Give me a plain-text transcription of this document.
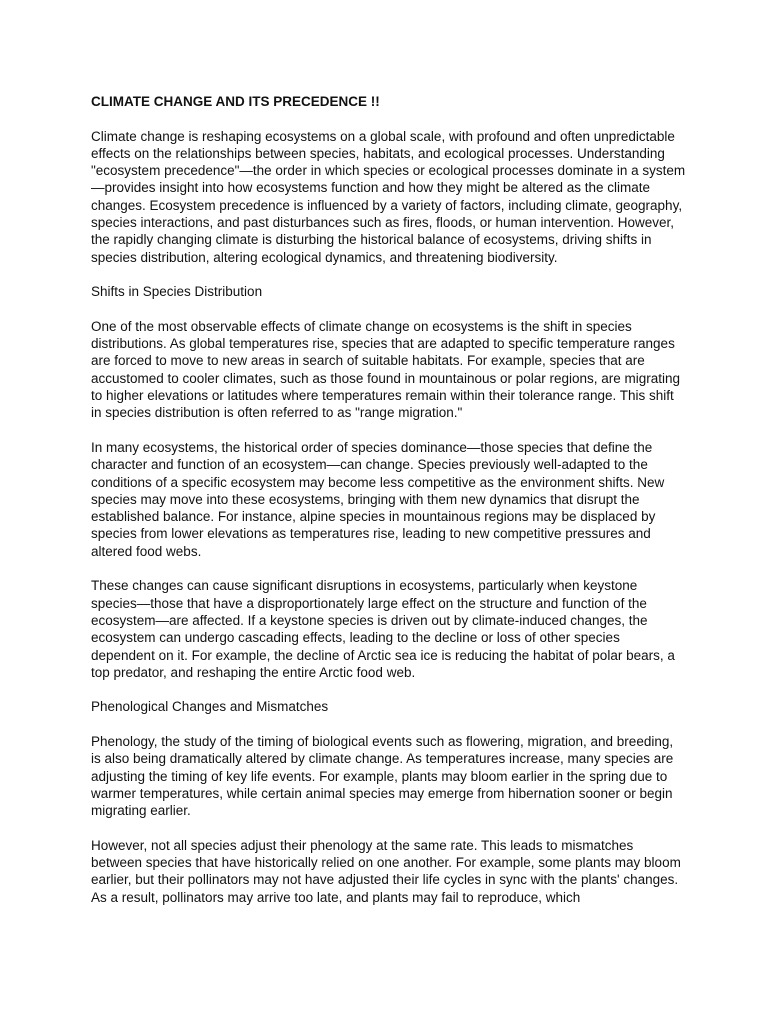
CLIMATE CHANGE AND ITS PRECEDENCE !!
Climate change is reshaping ecosystems on a global scale, with profound and often unpredictable effects on the relationships between species, habitats, and ecological processes. Understanding "ecosystem precedence"—the order in which species or ecological processes dominate in a system—provides insight into how ecosystems function and how they might be altered as the climate changes. Ecosystem precedence is influenced by a variety of factors, including climate, geography, species interactions, and past disturbances such as fires, floods, or human intervention. However, the rapidly changing climate is disturbing the historical balance of ecosystems, driving shifts in species distribution, altering ecological dynamics, and threatening biodiversity.
Shifts in Species Distribution
One of the most observable effects of climate change on ecosystems is the shift in species distributions. As global temperatures rise, species that are adapted to specific temperature ranges are forced to move to new areas in search of suitable habitats. For example, species that are accustomed to cooler climates, such as those found in mountainous or polar regions, are migrating to higher elevations or latitudes where temperatures remain within their tolerance range. This shift in species distribution is often referred to as "range migration."
In many ecosystems, the historical order of species dominance—those species that define the character and function of an ecosystem—can change. Species previously well-adapted to the conditions of a specific ecosystem may become less competitive as the environment shifts. New species may move into these ecosystems, bringing with them new dynamics that disrupt the established balance. For instance, alpine species in mountainous regions may be displaced by species from lower elevations as temperatures rise, leading to new competitive pressures and altered food webs.
These changes can cause significant disruptions in ecosystems, particularly when keystone species—those that have a disproportionately large effect on the structure and function of the ecosystem—are affected. If a keystone species is driven out by climate-induced changes, the ecosystem can undergo cascading effects, leading to the decline or loss of other species dependent on it. For example, the decline of Arctic sea ice is reducing the habitat of polar bears, a top predator, and reshaping the entire Arctic food web.
Phenological Changes and Mismatches
Phenology, the study of the timing of biological events such as flowering, migration, and breeding, is also being dramatically altered by climate change. As temperatures increase, many species are adjusting the timing of key life events. For example, plants may bloom earlier in the spring due to warmer temperatures, while certain animal species may emerge from hibernation sooner or begin migrating earlier.
However, not all species adjust their phenology at the same rate. This leads to mismatches between species that have historically relied on one another. For example, some plants may bloom earlier, but their pollinators may not have adjusted their life cycles in sync with the plants' changes. As a result, pollinators may arrive too late, and plants may fail to reproduce, which
